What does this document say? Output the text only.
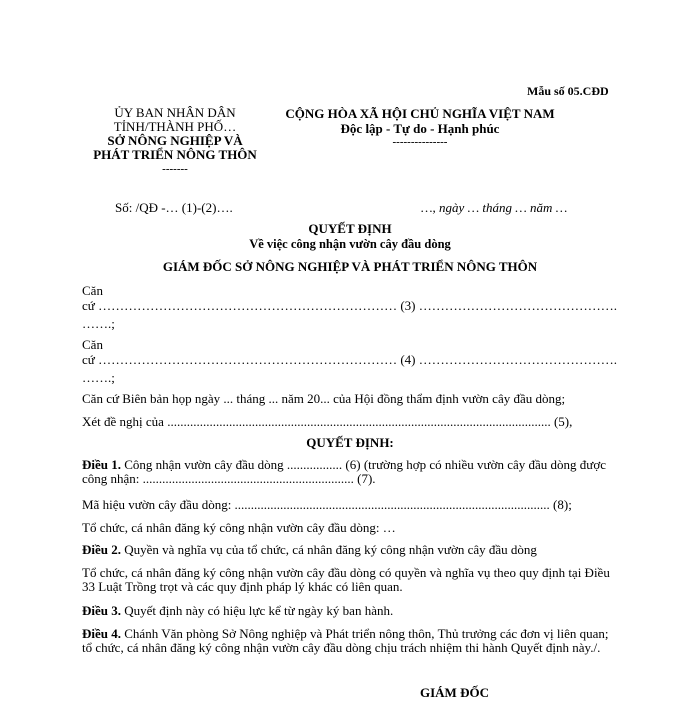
Mẫu số 05.CĐD
ỦY BAN NHÂN DÂN
TỈNH/THÀNH PHỐ…
SỞ NÔNG NGHIỆP VÀ
PHÁT TRIỂN NÔNG THÔN
-------
CỘNG HÒA XÃ HỘI CHỦ NGHĨA VIỆT NAM
Độc lập - Tự do - Hạnh phúc
---------------
Số: /QĐ -… (1)-(2)….	…, ngày … tháng … năm …
QUYẾT ĐỊNH
Về việc công nhận vườn cây đầu dòng
GIÁM ĐỐC SỞ NÔNG NGHIỆP VÀ PHÁT TRIỂN NÔNG THÔN
Căn
cứ …………………………………………………………… (3) ……………………………………….
…….;
Căn
cứ …………………………………………………………… (4) ……………………………………….
…….;
Căn cứ Biên bản họp ngày ... tháng ... năm 20... của Hội đồng thẩm định vườn cây đầu dòng;
Xét đề nghị của ...................................................................................................................... (5),
QUYẾT ĐỊNH:
Điều 1. Công nhận vườn cây đầu dòng ................. (6) (trường hợp có nhiều vườn cây đầu dòng được công nhận: ................................................................. (7).
Mã hiệu vườn cây đầu dòng: ................................................................................................. (8);
Tổ chức, cá nhân đăng ký công nhận vườn cây đầu dòng: …
Điều 2. Quyền và nghĩa vụ của tổ chức, cá nhân đăng ký công nhận vườn cây đầu dòng
Tổ chức, cá nhân đăng ký công nhận vườn cây đầu dòng có quyền và nghĩa vụ theo quy định tại Điều 33 Luật Trồng trọt và các quy định pháp lý khác có liên quan.
Điều 3. Quyết định này có hiệu lực kể từ ngày ký ban hành.
Điều 4. Chánh Văn phòng Sở Nông nghiệp và Phát triển nông thôn, Thủ trưởng các đơn vị liên quan; tổ chức, cá nhân đăng ký công nhận vườn cây đầu dòng chịu trách nhiệm thi hành Quyết định này./.
GIÁM ĐỐC
